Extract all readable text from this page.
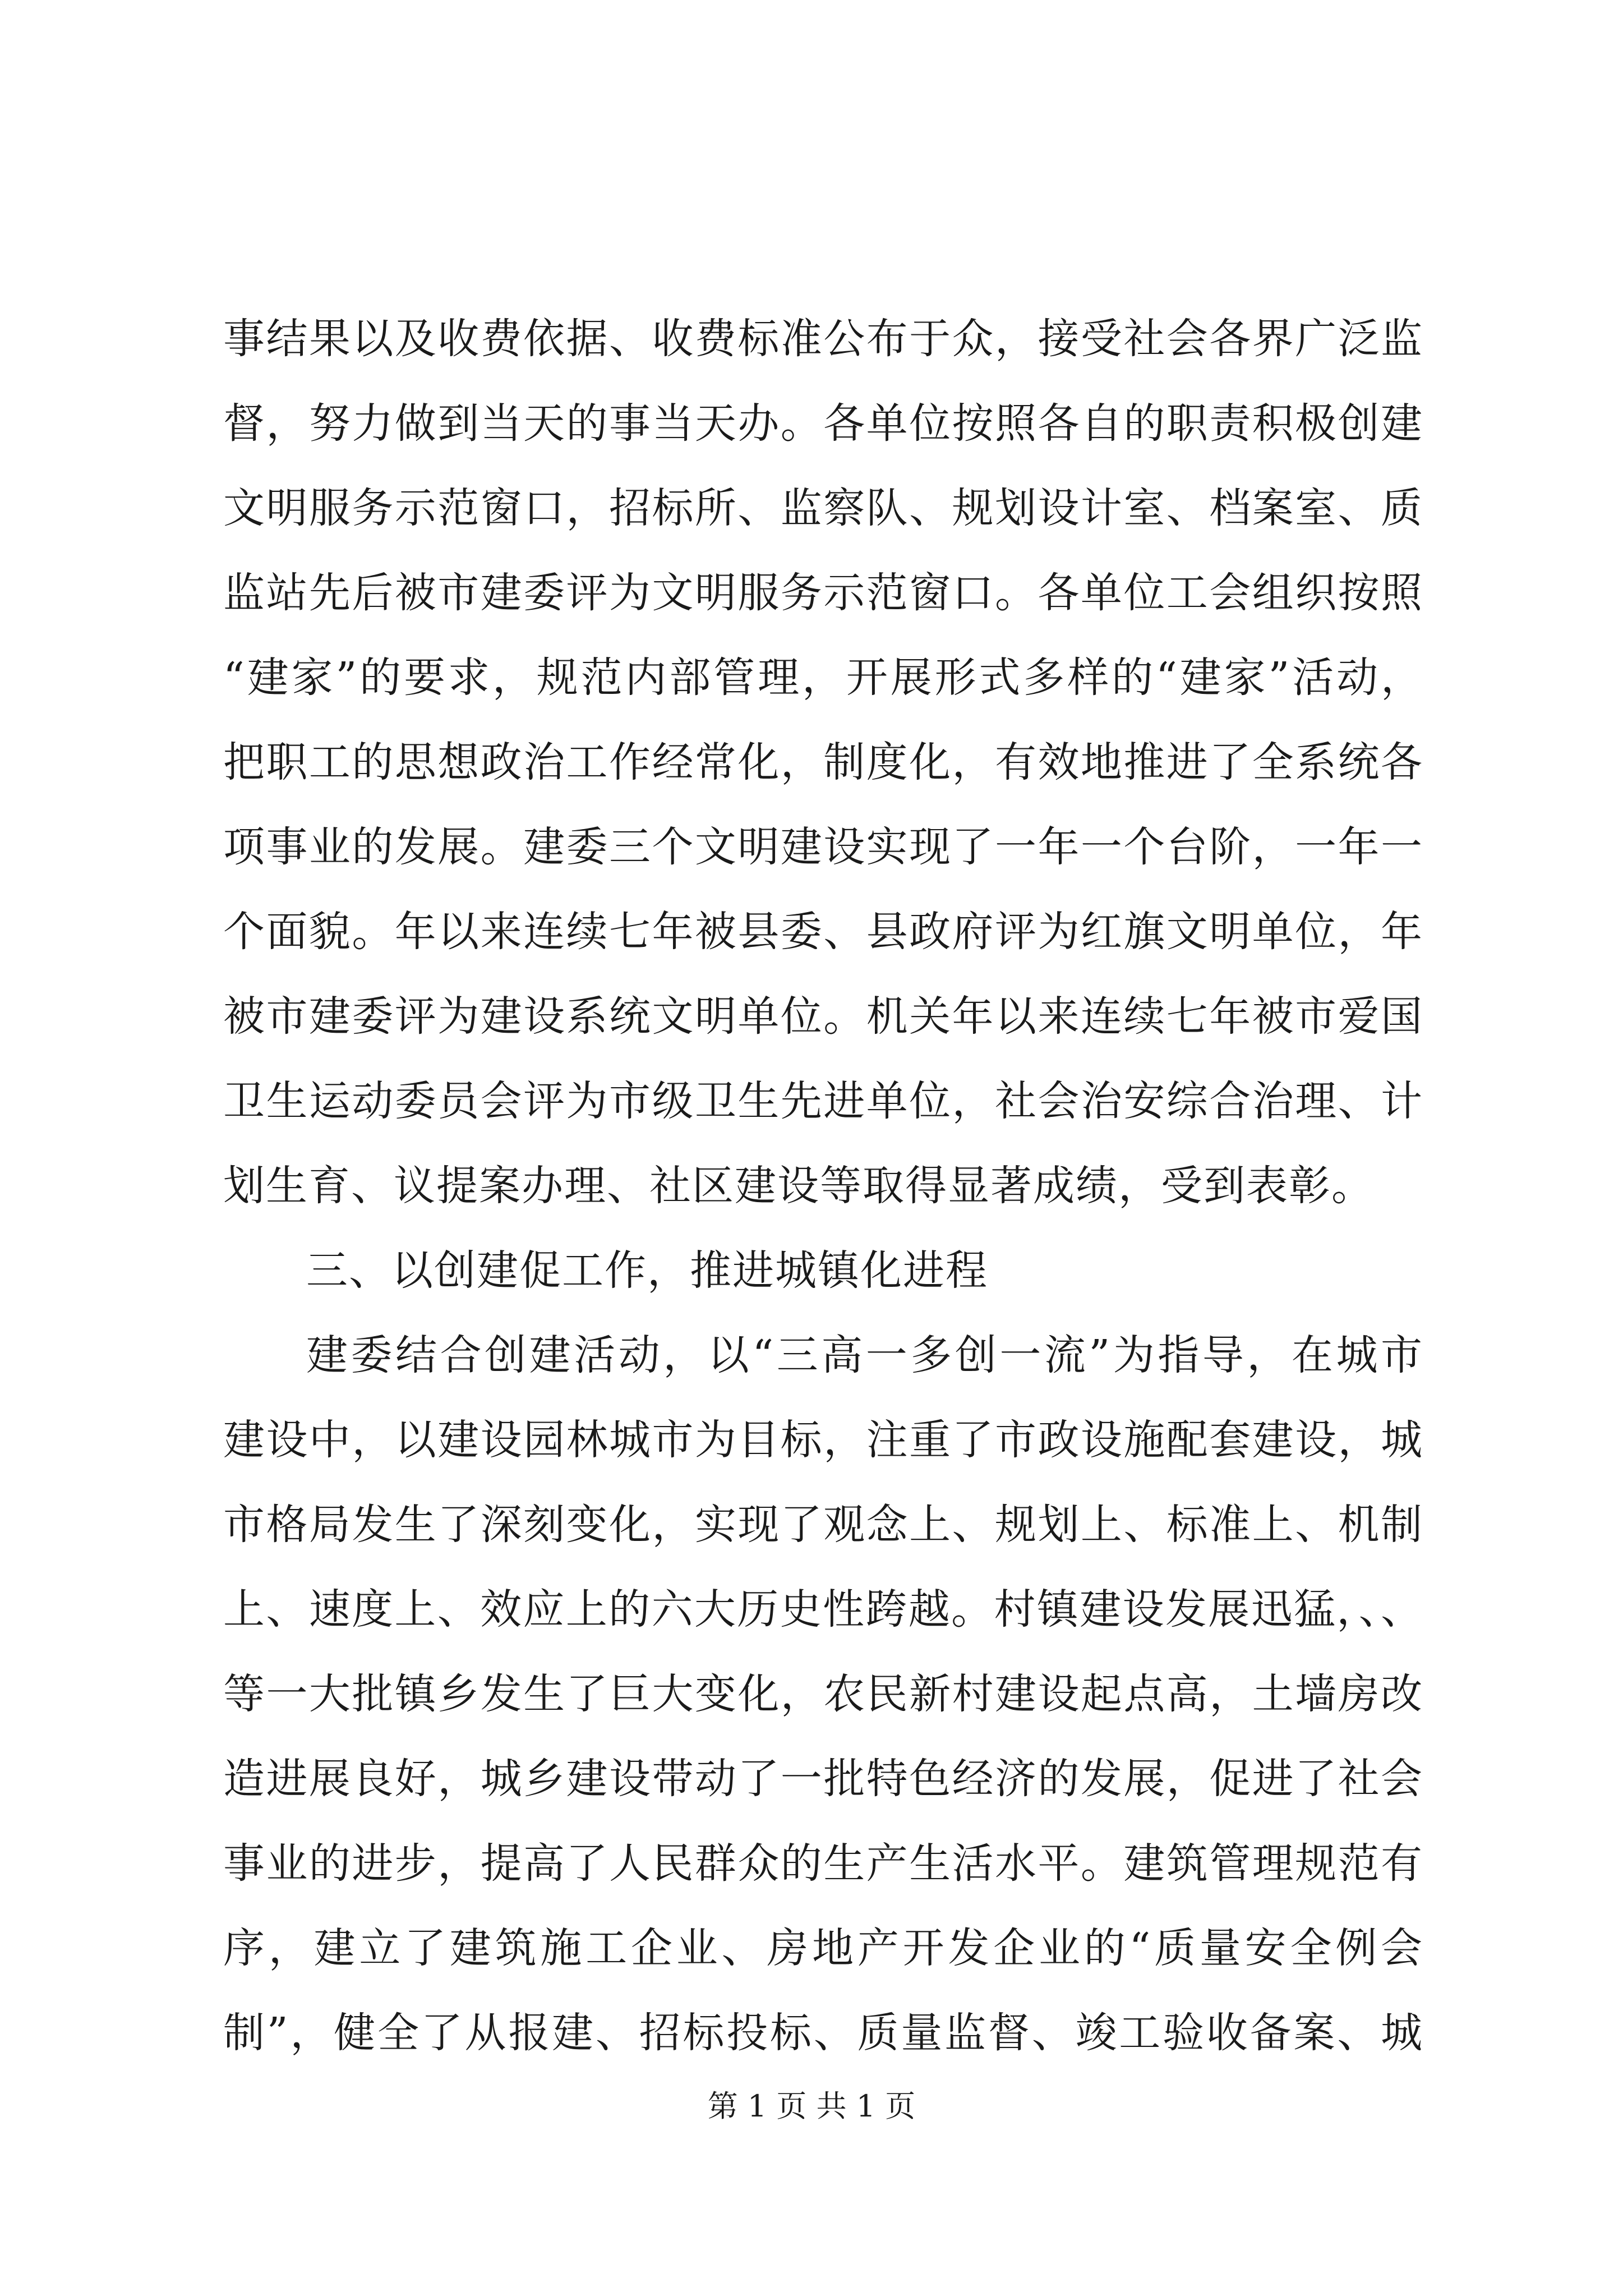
事结果以及收费依据、收费标准公布于众，接受社会各界广泛监
督，努力做到当天的事当天办。各单位按照各自的职责积极创建
文明服务示范窗口，招标所、监察队、规划设计室、档案室、质
监站先后被市建委评为文明服务示范窗口。各单位工会组织按照
“建家”的要求，规范内部管理，开展形式多样的“建家”活动，
把职工的思想政治工作经常化，制度化，有效地推进了全系统各
项事业的发展。建委三个文明建设实现了一年一个台阶，一年一
个面貌。年以来连续七年被县委、县政府评为红旗文明单位，年
被市建委评为建设系统文明单位。机关年以来连续七年被市爱国
卫生运动委员会评为市级卫生先进单位，社会治安综合治理、计
划生育、议提案办理、社区建设等取得显著成绩，受到表彰。
三、以创建促工作，推进城镇化进程
建委结合创建活动，以“三高一多创一流”为指导，在城市
建设中，以建设园林城市为目标，注重了市政设施配套建设，城
市格局发生了深刻变化，实现了观念上、规划上、标准上、机制
上、速度上、效应上的六大历史性跨越。村镇建设发展迅猛，、、
等一大批镇乡发生了巨大变化，农民新村建设起点高，土墙房改
造进展良好，城乡建设带动了一批特色经济的发展，促进了社会
事业的进步，提高了人民群众的生产生活水平。建筑管理规范有
序，建立了建筑施工企业、房地产开发企业的“质量安全例会
制”，健全了从报建、招标投标、质量监督、竣工验收备案、城
第 1 页 共 1 页
